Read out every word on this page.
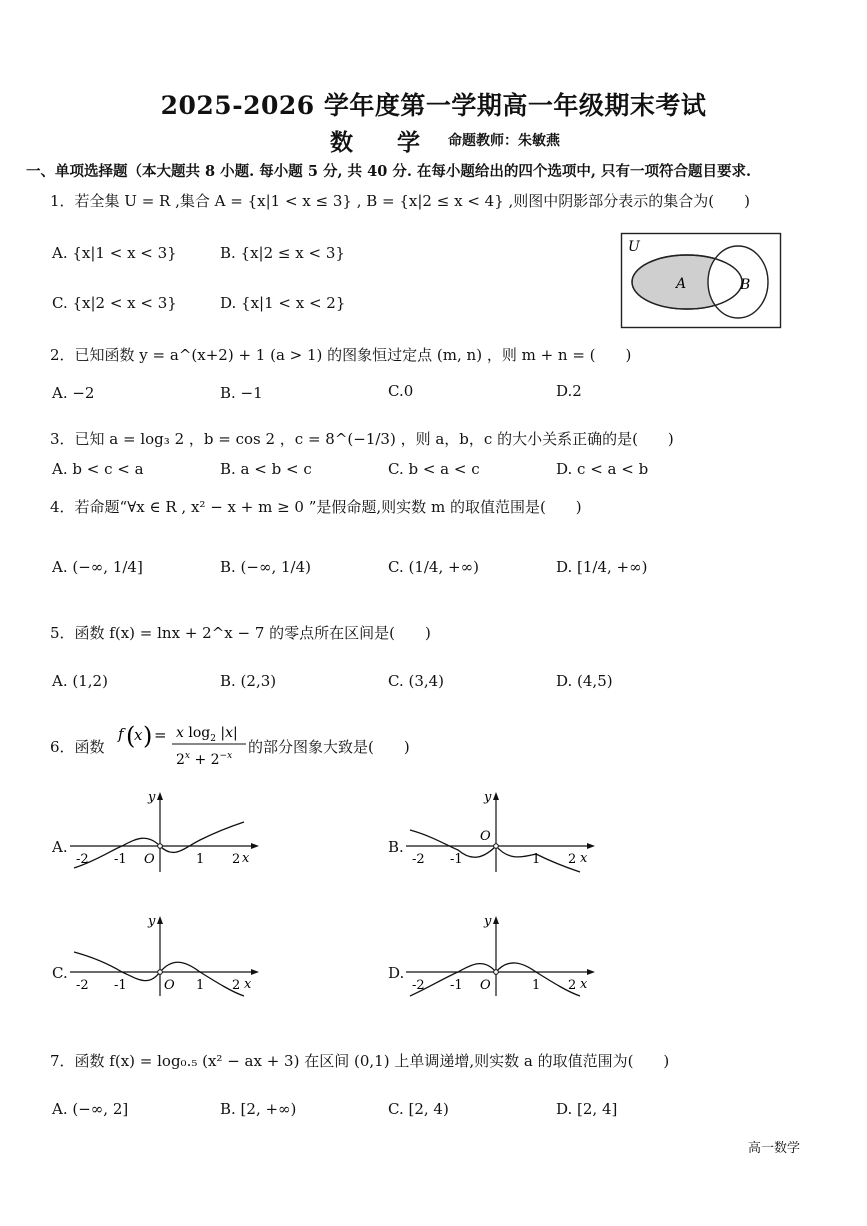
2025-2026 学年度第一学期高一年级期末考试
数 学 命题教师：朱敏燕
一、单项选择题（本大题共 8 小题. 每小题 5 分, 共 40 分. 在每小题给出的四个选项中, 只有一项符合题目要求.
1．若全集 U = R ,集合 A = {x|1 < x ≤ 3} , B = {x|2 ≤ x < 4} ,则图中阴影部分表示的集合为(　　)
A. {x|1 < x < 3}	B. {x|2 ≤ x < 3}
C. {x|2 < x < 3}	D. {x|1 < x < 2}
U
A	B
2．已知函数 y = a^(x+2) + 1 (a > 1) 的图象恒过定点 (m, n) ，则 m + n = (　　)
A. −2	B. −1	C.0	D.2
3．已知 a = log₃ 2 ，b = cos 2 ，c = 8^(−1/3) ，则 a，b，c 的大小关系正确的是(　　)
A. b < c < a	B. a < b < c	C. b < a < c	D. c < a < b
4．若命题“∀x ∈ R , x² − x + m ≥ 0 ”是假命题,则实数 m 的取值范围是(　　)
A. (−∞, 1/4]	B. (−∞, 1/4)	C. (1/4, +∞)	D. [1/4, +∞)
5．函数 f(x) = lnx + 2^x − 7 的零点所在区间是(　　)
A. (1,2)	B. (2,3)	C. (3,4)	D. (4,5)
6．函数
f (
x ) = x $\log_2 |x|$
$2^x + 2^-x$ 的部分图象大致是(　　)
A.
y
x
-2 -1 O	1 2
B.
y
x
-2 -1
O
1 2
C.
y
x
-2 -1	O 1 2
D.
y
x
-2 -1 O	1 2
7．函数 f(x) = log₀.₅ (x² − ax + 3) 在区间 (0,1) 上单调递增,则实数 a 的取值范围为(　　)
A. (−∞, 2]	B. [2, +∞)	C. [2, 4)	D. [2, 4]
高一数学
